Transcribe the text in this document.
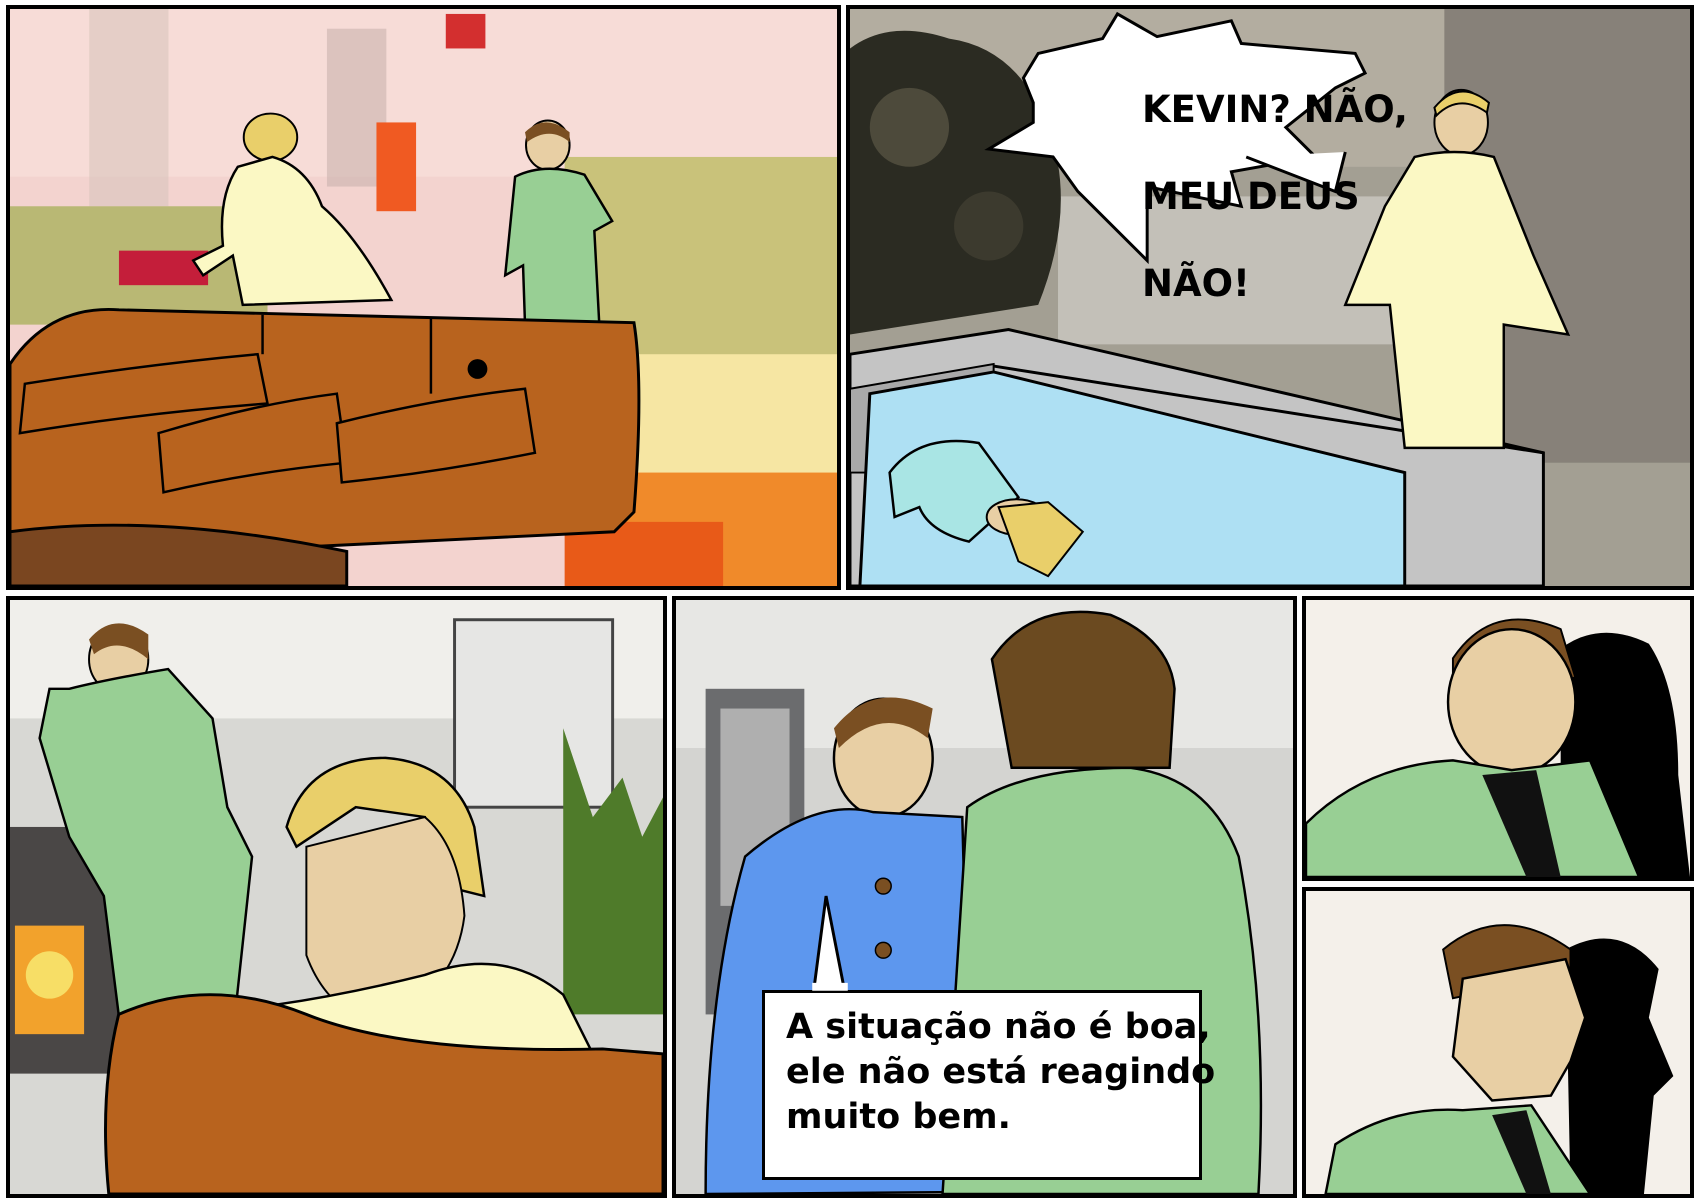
KEVIN? NÃO,

MEU DEUS

NÃO!

A situação não é boa,
ele não está reagindo
muito bem.
